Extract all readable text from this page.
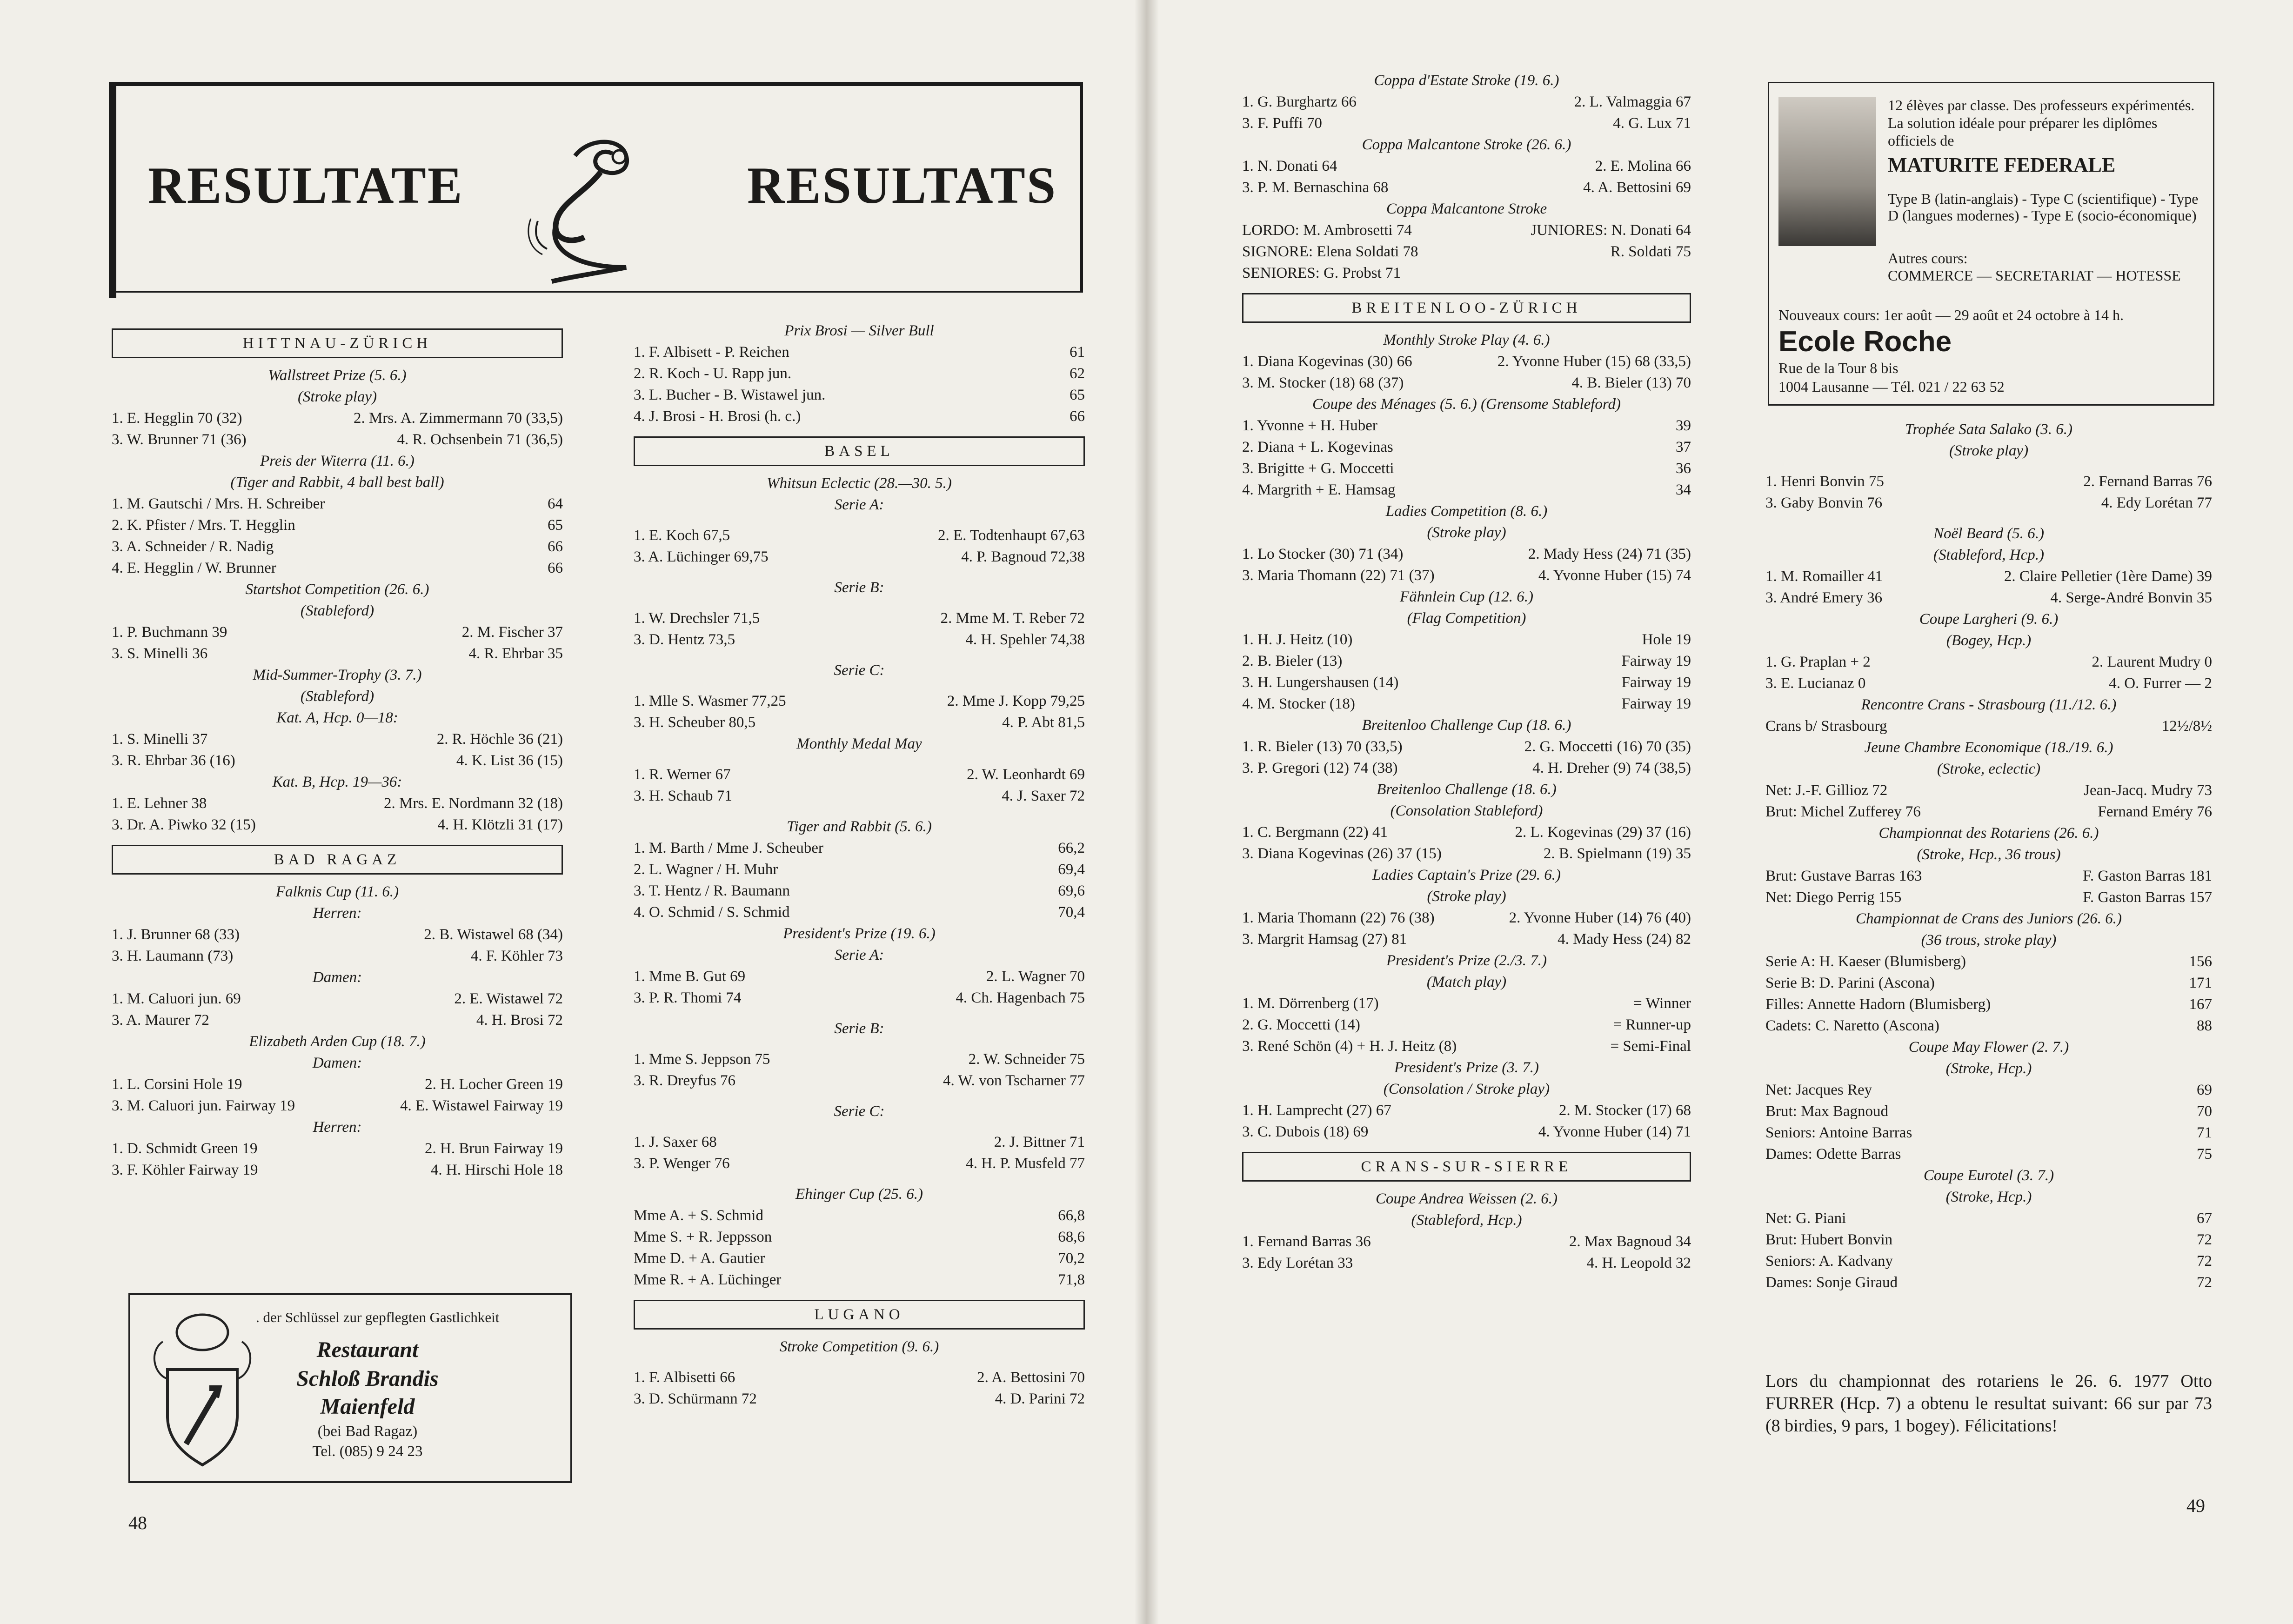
RESULTATE	RESULTATS
HITTNAU-ZÜRICH

Wallstreet Prize (5. 6.)

(Stroke play)

1. E. Hegglin 70 (32)	2. Mrs. A. Zimmermann 70 (33,5)
3. W. Brunner 71 (36)	4. R. Ochsenbein 71 (36,5)

Preis der Witerra (11. 6.)

(Tiger and Rabbit, 4 ball best ball)

1. M. Gautschi / Mrs. H. Schreiber	64
2. K. Pfister / Mrs. T. Hegglin	65
3. A. Schneider / R. Nadig	66
4. E. Hegglin / W. Brunner	66

Startshot Competition (26. 6.)

(Stableford)

1. P. Buchmann 39	2. M. Fischer 37
3. S. Minelli 36	4. R. Ehrbar 35

Mid-Summer-Trophy (3. 7.)

(Stableford)

Kat. A, Hcp. 0—18:

1. S. Minelli 37	2. R. Höchle 36 (21)
3. R. Ehrbar 36 (16)	4. K. List 36 (15)

Kat. B, Hcp. 19—36:

1. E. Lehner 38	2. Mrs. E. Nordmann 32 (18)
3. Dr. A. Piwko 32 (15)	4. H. Klötzli 31 (17)
BAD RAGAZ

Falknis Cup (11. 6.)

Herren:

1. J. Brunner 68 (33)	2. B. Wistawel 68 (34)
3. H. Laumann (73)	4. F. Köhler 73

Damen:

1. M. Caluori jun. 69	2. E. Wistawel 72
3. A. Maurer 72	4. H. Brosi 72

Elizabeth Arden Cup (18. 7.)

Damen:

1. L. Corsini Hole 19	2. H. Locher Green 19
3. M. Caluori jun. Fairway 19	4. E. Wistawel Fairway 19

Herren:

1. D. Schmidt Green 19	2. H. Brun Fairway 19
3. F. Köhler Fairway 19	4. H. Hirschi Hole 18

Prix Brosi — Silver Bull

1. F. Albisett - P. Reichen	61
2. R. Koch - U. Rapp jun.	62
3. L. Bucher - B. Wistawel jun.	65
4. J. Brosi - H. Brosi (h. c.)	66
BASEL

Whitsun Eclectic (28.—30. 5.)

Serie A:

1. E. Koch 67,5	2. E. Todtenhaupt 67,63
3. A. Lüchinger 69,75	4. P. Bagnoud 72,38

Serie B:

1. W. Drechsler 71,5	2. Mme M. T. Reber 72
3. D. Hentz 73,5	4. H. Spehler 74,38

Serie C:

1. Mlle S. Wasmer 77,25	2. Mme J. Kopp 79,25
3. H. Scheuber 80,5	4. P. Abt 81,5

Monthly Medal May

1. R. Werner 67	2. W. Leonhardt 69
3. H. Schaub 71	4. J. Saxer 72

Tiger and Rabbit (5. 6.)

1. M. Barth / Mme J. Scheuber	66,2
2. L. Wagner / H. Muhr	69,4
3. T. Hentz / R. Baumann	69,6
4. O. Schmid / S. Schmid	70,4

President's Prize (19. 6.)

Serie A:

1. Mme B. Gut 69	2. L. Wagner 70
3. P. R. Thomi 74	4. Ch. Hagenbach 75

Serie B:

1. Mme S. Jeppson 75	2. W. Schneider 75
3. R. Dreyfus 76	4. W. von Tscharner 77

Serie C:

1. J. Saxer 68	2. J. Bittner 71
3. P. Wenger 76	4. H. P. Musfeld 77

Ehinger Cup (25. 6.)

Mme A. + S. Schmid	66,8
Mme S. + R. Jeppsson	68,6
Mme D. + A. Gautier	70,2
Mme R. + A. Lüchinger	71,8
LUGANO

Stroke Competition (9. 6.)

1. F. Albisetti 66	2. A. Bettosini 70
3. D. Schürmann 72	4. D. Parini 72
. der Schlüssel zur gepflegten Gastlichkeit
Restaurant
Schloß Brandis
Maienfeld
(bei Bad Ragaz)
Tel. (085) 9 24 23
48

Coppa d'Estate Stroke (19. 6.)

1. G. Burghartz 66	2. L. Valmaggia 67
3. F. Puffi 70	4. G. Lux 71

Coppa Malcantone Stroke (26. 6.)

1. N. Donati 64	2. E. Molina 66
3. P. M. Bernaschina 68	4. A. Bettosini 69

Coppa Malcantone Stroke

LORDO: M. Ambrosetti 74	JUNIORES: N. Donati 64
SIGNORE: Elena Soldati 78	R. Soldati 75
SENIORES: G. Probst 71
BREITENLOO-ZÜRICH

Monthly Stroke Play (4. 6.)

1. Diana Kogevinas (30) 66	2. Yvonne Huber (15) 68 (33,5)
3. M. Stocker (18) 68 (37)	4. B. Bieler (13) 70

Coupe des Ménages (5. 6.) (Grensome Stableford)

1. Yvonne + H. Huber	39
2. Diana + L. Kogevinas	37
3. Brigitte + G. Moccetti	36
4. Margrith + E. Hamsag	34

Ladies Competition (8. 6.)

(Stroke play)

1. Lo Stocker (30) 71 (34)	2. Mady Hess (24) 71 (35)
3. Maria Thomann (22) 71 (37)	4. Yvonne Huber (15) 74

Fähnlein Cup (12. 6.)

(Flag Competition)

1. H. J. Heitz (10)	Hole 19
2. B. Bieler (13)	Fairway 19
3. H. Lungershausen (14)	Fairway 19
4. M. Stocker (18)	Fairway 19

Breitenloo Challenge Cup (18. 6.)

1. R. Bieler (13) 70 (33,5)	2. G. Moccetti (16) 70 (35)
3. P. Gregori (12) 74 (38)	4. H. Dreher (9) 74 (38,5)

Breitenloo Challenge (18. 6.)

(Consolation Stableford)

1. C. Bergmann (22) 41	2. L. Kogevinas (29) 37 (16)
3. Diana Kogevinas (26) 37 (15)	2. B. Spielmann (19) 35

Ladies Captain's Prize (29. 6.)

(Stroke play)

1. Maria Thomann (22) 76 (38)	2. Yvonne Huber (14) 76 (40)
3. Margrit Hamsag (27) 81	4. Mady Hess (24) 82

President's Prize (2./3. 7.)

(Match play)

1. M. Dörrenberg (17)	= Winner
2. G. Moccetti (14)	= Runner-up
3. René Schön (4) + H. J. Heitz (8)	= Semi-Final

President's Prize (3. 7.)

(Consolation / Stroke play)

1. H. Lamprecht (27) 67	2. M. Stocker (17) 68
3. C. Dubois (18) 69	4. Yvonne Huber (14) 71
CRANS-SUR-SIERRE

Coupe Andrea Weissen (2. 6.)

(Stableford, Hcp.)

1. Fernand Barras 36	2. Max Bagnoud 34
3. Edy Lorétan 33	4. H. Leopold 32

Trophée Sata Salako (3. 6.)

(Stroke play)

1. Henri Bonvin 75	2. Fernand Barras 76
3. Gaby Bonvin 76	4. Edy Lorétan 77

Noël Beard (5. 6.)

(Stableford, Hcp.)

1. M. Romailler 41	2. Claire Pelletier (1ère Dame) 39
3. André Emery 36	4. Serge-André Bonvin 35

Coupe Largheri (9. 6.)

(Bogey, Hcp.)

1. G. Praplan + 2	2. Laurent Mudry 0
3. E. Lucianaz 0	4. O. Furrer — 2

Rencontre Crans - Strasbourg (11./12. 6.)

Crans b/ Strasbourg	12½/8½

Jeune Chambre Economique (18./19. 6.)

(Stroke, eclectic)

Net: J.-F. Gillioz 72	Jean-Jacq. Mudry 73
Brut: Michel Zufferey 76	Fernand Eméry 76

Championnat des Rotariens (26. 6.)

(Stroke, Hcp., 36 trous)

Brut: Gustave Barras 163	F. Gaston Barras 181
Net: Diego Perrig 155	F. Gaston Barras 157

Championnat de Crans des Juniors (26. 6.)

(36 trous, stroke play)

Serie A: H. Kaeser (Blumisberg)	156
Serie B: D. Parini (Ascona)	171
Filles: Annette Hadorn (Blumisberg)	167
Cadets: C. Naretto (Ascona)	88

Coupe May Flower (2. 7.)

(Stroke, Hcp.)

Net: Jacques Rey	69
Brut: Max Bagnoud	70
Seniors: Antoine Barras	71
Dames: Odette Barras	75

Coupe Eurotel (3. 7.)

(Stroke, Hcp.)

Net: G. Piani	67
Brut: Hubert Bonvin	72
Seniors: A. Kadvany	72
Dames: Sonje Giraud	72
12 élèves par classe. Des professeurs expérimentés. La solution idéale pour préparer les diplômes officiels de
MATURITE FEDERALE
Type B (latin-anglais) - Type C (scientifique) - Type D (langues modernes) - Type E (socio-économique)
Autres cours:
COMMERCE — SECRETARIAT — HOTESSE
Nouveaux cours: 1er août — 29 août et 24 octobre à 14 h.
Ecole Roche
Rue de la Tour 8 bis
1004 Lausanne — Tél. 021 / 22 63 52
Lors du championnat des rotariens le 26. 6. 1977 Otto FURRER (Hcp. 7) a obtenu le resultat suivant: 66 sur par 73 (8 birdies, 9 pars, 1 bogey). Félicitations!
49
